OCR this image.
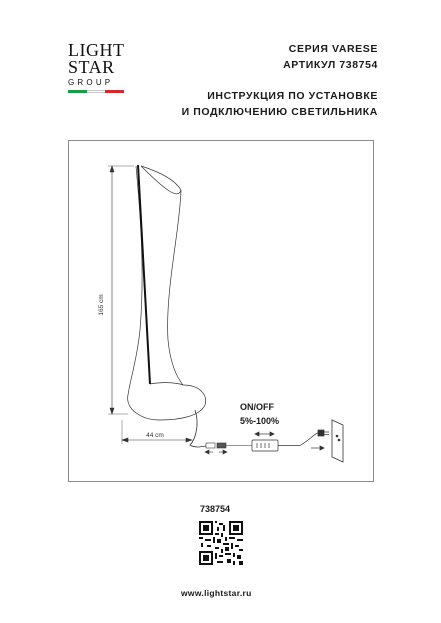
LIGHT
STAR
GROUP
СЕРИЯ VARESE
АРТИКУЛ 738754
ИНСТРУКЦИЯ ПО УСТАНОВКЕ
И ПОДКЛЮЧЕНИЮ СВЕТИЛЬНИКА
165 cm
44 cm
ON/OFF
5%-100%
738754
www.lightstar.ru
